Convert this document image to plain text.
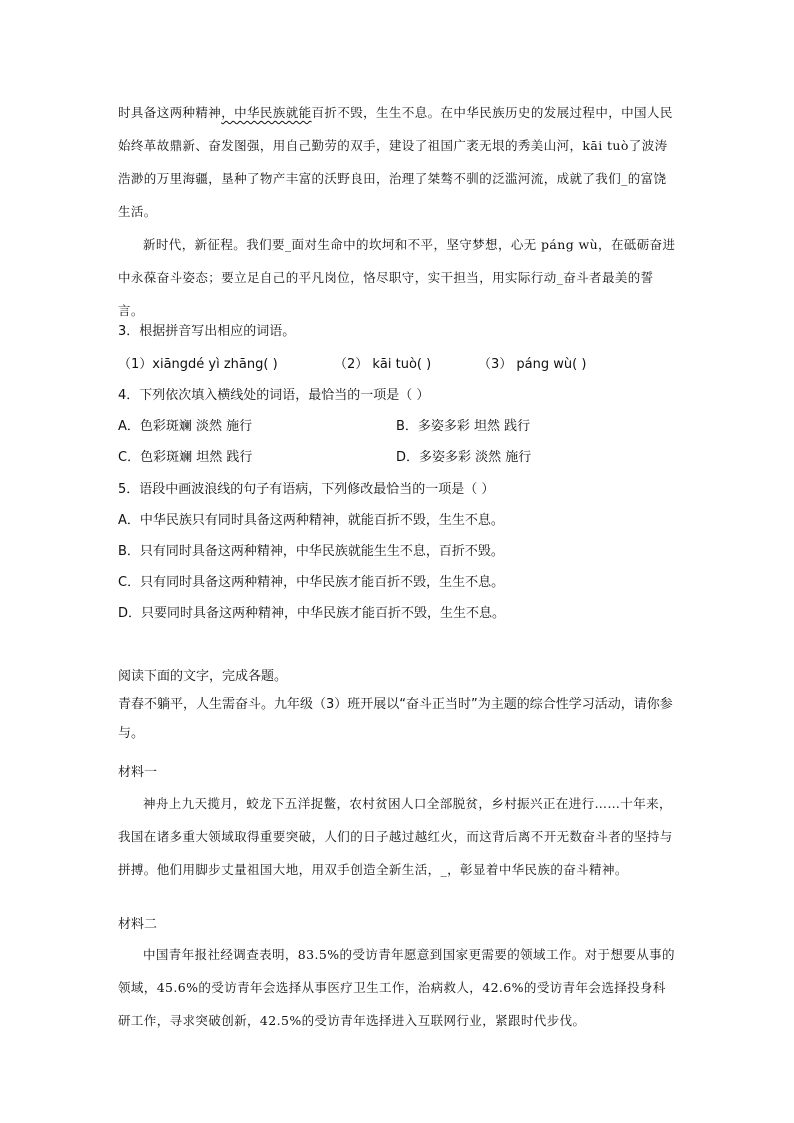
时具备这两种精神，中华民族就能百折不毁，生生不息。在中华民族历史的发展过程中，中国人民始终革故鼎新、奋发图强，用自己勤劳的双手，建设了祖国广袤无垠的秀美山河，kāi tuò了波涛浩渺的万里海疆，垦种了物产丰富的沃野良田，治理了桀骜不驯的泛滥河流，成就了我们_的富饶生活。
新时代，新征程。我们要_面对生命中的坎坷和不平，坚守梦想，心无 páng wù，在砥砺奋进中永葆奋斗姿态；要立足自己的平凡岗位，恪尽职守，实干担当，用实际行动_奋斗者最美的誓言。
3．根据拼音写出相应的词语。
（1）xiāngdé yì zhāng( )	（2） kāi tuò( )	（3） páng wù( )
4．下列依次填入横线处的词语，最恰当的一项是（ ）
A．色彩斑斓 淡然 施行	B．多姿多彩 坦然 践行
C．色彩斑斓 坦然 践行	D．多姿多彩 淡然 施行
5．语段中画波浪线的句子有语病，下列修改最恰当的一项是（ ）
A．中华民族只有同时具备这两种精神，就能百折不毁，生生不息。
B．只有同时具备这两种精神，中华民族就能生生不息，百折不毁。
C．只有同时具备这两种精神，中华民族才能百折不毁，生生不息。
D．只要同时具备这两种精神，中华民族才能百折不毁，生生不息。
阅读下面的文字，完成各题。
青春不躺平，人生需奋斗。九年级（3）班开展以“奋斗正当时”为主题的综合性学习活动，请你参与。
材料一
神舟上九天揽月，蛟龙下五洋捉鳖，农村贫困人口全部脱贫，乡村振兴正在进行……十年来，我国在诸多重大领域取得重要突破，人们的日子越过越红火，而这背后离不开无数奋斗者的坚持与拼搏。他们用脚步丈量祖国大地，用双手创造全新生活，_，彰显着中华民族的奋斗精神。
材料二
中国青年报社经调查表明，83.5%的受访青年愿意到国家更需要的领域工作。对于想要从事的领域，45.6%的受访青年会选择从事医疗卫生工作，治病救人，42.6%的受访青年会选择投身科研工作，寻求突破创新，42.5%的受访青年选择进入互联网行业，紧跟时代步伐。
